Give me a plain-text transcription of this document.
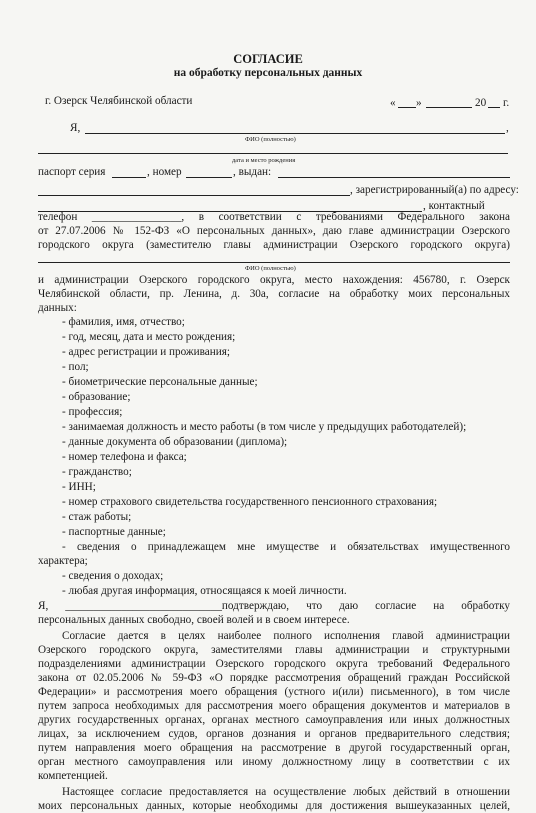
СОГЛАСИЕ
на обработку персональных данных
г. Озерск Челябинской области	« »	20 г.
Я,	,
ФИО (полностью)
дата и место рождения
паспорт серия	, номер	, выдан:
, зарегистрированный(а) по адресу:
, контактный
телефон ________________, в соответствии с требованиями Федерального закона
от 27.07.2006 № 152-ФЗ «О персональных данных», даю главе администрации Озерского
городского округа (заместителю главы администрации Озерского городского округа)
ФИО (полностью)
и администрации Озерского городского округа, место нахождения: 456780, г. Озерск
Челябинской области, пр. Ленина, д. 30а, согласие на обработку моих персональных
данных:
- фамилия, имя, отчество;
- год, месяц, дата и место рождения;
- адрес регистрации и проживания;
- пол;
- биометрические персональные данные;
- образование;
- профессия;
- занимаемая должность и место работы (в том числе у предыдущих работодателей);
- данные документа об образовании (диплома);
- номер телефона и факса;
- гражданство;
- ИНН;
- номер страхового свидетельства государственного пенсионного страхования;
- стаж работы;
- паспортные данные;
- сведения о принадлежащем мне имуществе и обязательствах имущественного
характера;
- сведения о доходах;
- любая другая информация, относящаяся к моей личности.
Я, ____________________________подтверждаю, что даю согласие на обработку
персональных данных свободно, своей волей и в своем интересе.
Согласие дается в целях наиболее полного исполнения главой администрации
Озерского городского округа, заместителями главы администрации и структурными
подразделениями администрации Озерского городского округа требований Федерального
закона от 02.05.2006 № 59-ФЗ «О порядке рассмотрения обращений граждан Российской
Федерации» и рассмотрения моего обращения (устного и(или) письменного), в том числе
путем запроса необходимых для рассмотрения моего обращения документов и материалов в
других государственных органах, органах местного самоуправления или иных должностных
лицах, за исключением судов, органов дознания и органов предварительного следствия;
путем направления моего обращения на рассмотрение в другой государственный орган,
орган местного самоуправления или иному должностному лицу в соответствии с их
компетенцией.
Настоящее согласие предоставляется на осуществление любых действий в отношении
моих персональных данных, которые необходимы для достижения вышеуказанных целей,
